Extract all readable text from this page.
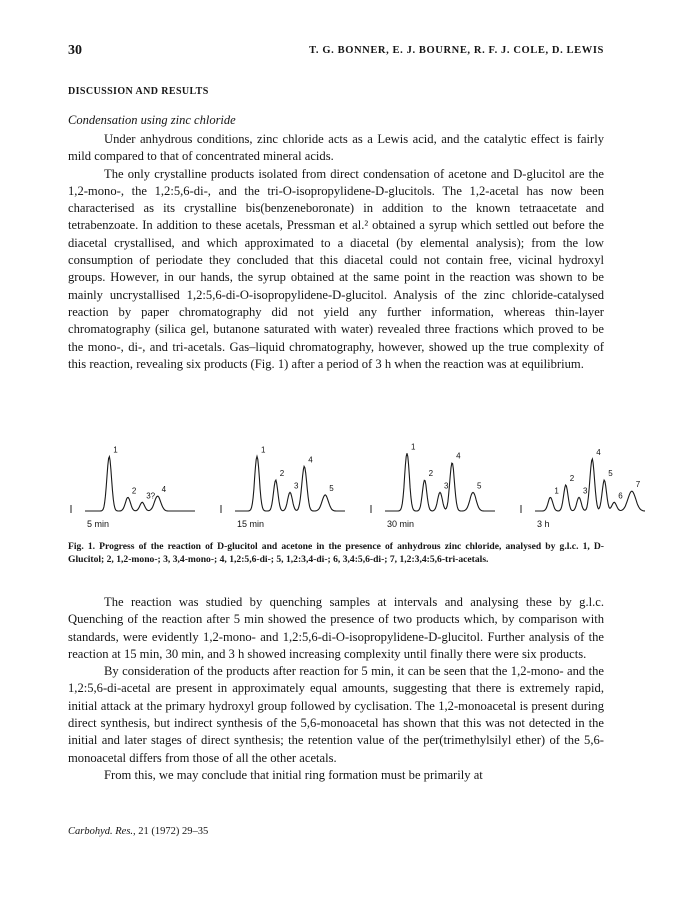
30	T. G. BONNER, E. J. BOURNE, R. F. J. COLE, D. LEWIS
DISCUSSION AND RESULTS
Condensation using zinc chloride

Under anhydrous conditions, zinc chloride acts as a Lewis acid, and the catalytic effect is fairly mild compared to that of concentrated mineral acids.

The only crystalline products isolated from direct condensation of acetone and D-glucitol are the 1,2-mono-, the 1,2:5,6-di-, and the tri-O-isopropylidene-D-glucitols. The 1,2-acetal has now been characterised as its crystalline bis(benzeneboronate) in addition to the known tetraacetate and tetrabenzoate. In addition to these acetals, Pressman et al.² obtained a syrup which settled out before the diacetal crystallised, and which approximated to a diacetal (by elemental analysis); from the low consumption of periodate they concluded that this diacetal could not contain free, vicinal hydroxyl groups. However, in our hands, the syrup obtained at the same point in the reaction was shown to be mainly uncrystallised 1,2:5,6-di-O-isopropylidene-D-glucitol. Analysis of the zinc chloride-catalysed reaction by paper chromatography did not yield any further information, whereas thin-layer chromatography (silica gel, butanone saturated with water) revealed three fractions which proved to be the mono-, di-, and tri-acetals. Gas–liquid chromatography, however, showed up the true complexity of this reaction, revealing six products (Fig. 1) after a period of 3 h when the reaction was at equilibrium.

1
2
3?
4
5 min
1
2
3
4
5
15 min
1
2
3
4
5
30 min
1
2
3
4
5
6
7
3 h
Fig. 1. Progress of the reaction of D-glucitol and acetone in the presence of anhydrous zinc chloride, analysed by g.l.c. 1, D-Glucitol; 2, 1,2-mono-; 3, 3,4-mono-; 4, 1,2:5,6-di-; 5, 1,2:3,4-di-; 6, 3,4:5,6-di-; 7, 1,2:3,4:5,6-tri-acetals.

The reaction was studied by quenching samples at intervals and analysing these by g.l.c. Quenching of the reaction after 5 min showed the presence of two products which, by comparison with standards, were evidently 1,2-mono- and 1,2:5,6-di-O-isopropylidene-D-glucitol. Further analysis of the reaction at 15 min, 30 min, and 3 h showed increasing complexity until finally there were six products.

By consideration of the products after reaction for 5 min, it can be seen that the 1,2-mono- and the 1,2:5,6-di-acetal are present in approximately equal amounts, suggesting that there is extremely rapid, initial attack at the primary hydroxyl group followed by cyclisation. The 1,2-monoacetal is present during direct synthesis, but indirect synthesis of the 5,6-monoacetal has shown that this was not detected in the initial and later stages of direct synthesis; the retention value of the per(trimethylsilyl ether) of the 5,6-monoacetal differs from those of all the other acetals.

From this, we may conclude that initial ring formation must be primarily at

Carbohyd. Res., 21 (1972) 29–35
